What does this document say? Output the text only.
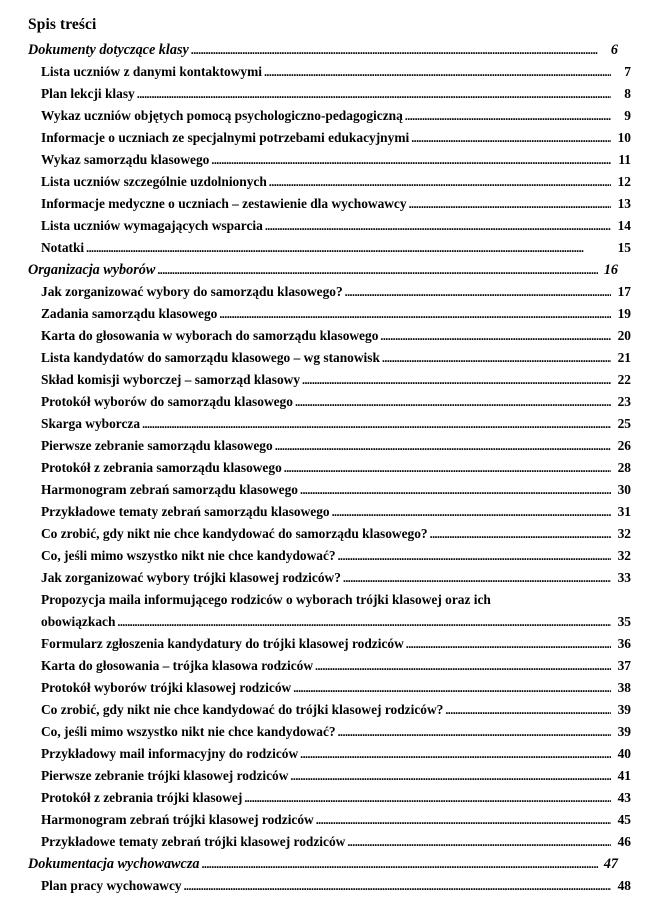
Spis treści
Dokumenty dotyczące klasy .....	6
Lista uczniów z danymi kontaktowymi .....	7
Plan lekcji klasy .....	8
Wykaz uczniów objętych pomocą psychologiczno-pedagogiczną .....	9
Informacje o uczniach ze specjalnymi potrzebami edukacyjnymi .....	10
Wykaz samorządu klasowego .....	11
Lista uczniów szczególnie uzdolnionych .....	12
Informacje medyczne o uczniach – zestawienie dla wychowawcy .....	13
Lista uczniów wymagających wsparcia .....	14
Notatki .....	15
Organizacja wyborów .....	16
Jak zorganizować wybory do samorządu klasowego? .....	17
Zadania samorządu klasowego .....	19
Karta do głosowania w wyborach do samorządu klasowego .....	20
Lista kandydatów do samorządu klasowego – wg stanowisk .....	21
Skład komisji wyborczej – samorząd klasowy .....	22
Protokół wyborów do samorządu klasowego .....	23
Skarga wyborcza .....	25
Pierwsze zebranie samorządu klasowego .....	26
Protokół z zebrania samorządu klasowego .....	28
Harmonogram zebrań samorządu klasowego .....	30
Przykładowe tematy zebrań samorządu klasowego .....	31
Co zrobić, gdy nikt nie chce kandydować do samorządu klasowego? .....	32
Co, jeśli mimo wszystko nikt nie chce kandydować? .....	32
Jak zorganizować wybory trójki klasowej rodziców? .....	33
Propozycja maila informującego rodziców o wyborach trójki klasowej oraz ich
obowiązkach .....	35
Formularz zgłoszenia kandydatury do trójki klasowej rodziców .....	36
Karta do głosowania – trójka klasowa rodziców .....	37
Protokół wyborów trójki klasowej rodziców .....	38
Co zrobić, gdy nikt nie chce kandydować do trójki klasowej rodziców? .....	39
Co, jeśli mimo wszystko nikt nie chce kandydować? .....	39
Przykładowy mail informacyjny do rodziców .....	40
Pierwsze zebranie trójki klasowej rodziców .....	41
Protokół z zebrania trójki klasowej .....	43
Harmonogram zebrań trójki klasowej rodziców .....	45
Przykładowe tematy zebrań trójki klasowej rodziców .....	46
Dokumentacja wychowawcza .....	47
Plan pracy wychowawcy .....	48
